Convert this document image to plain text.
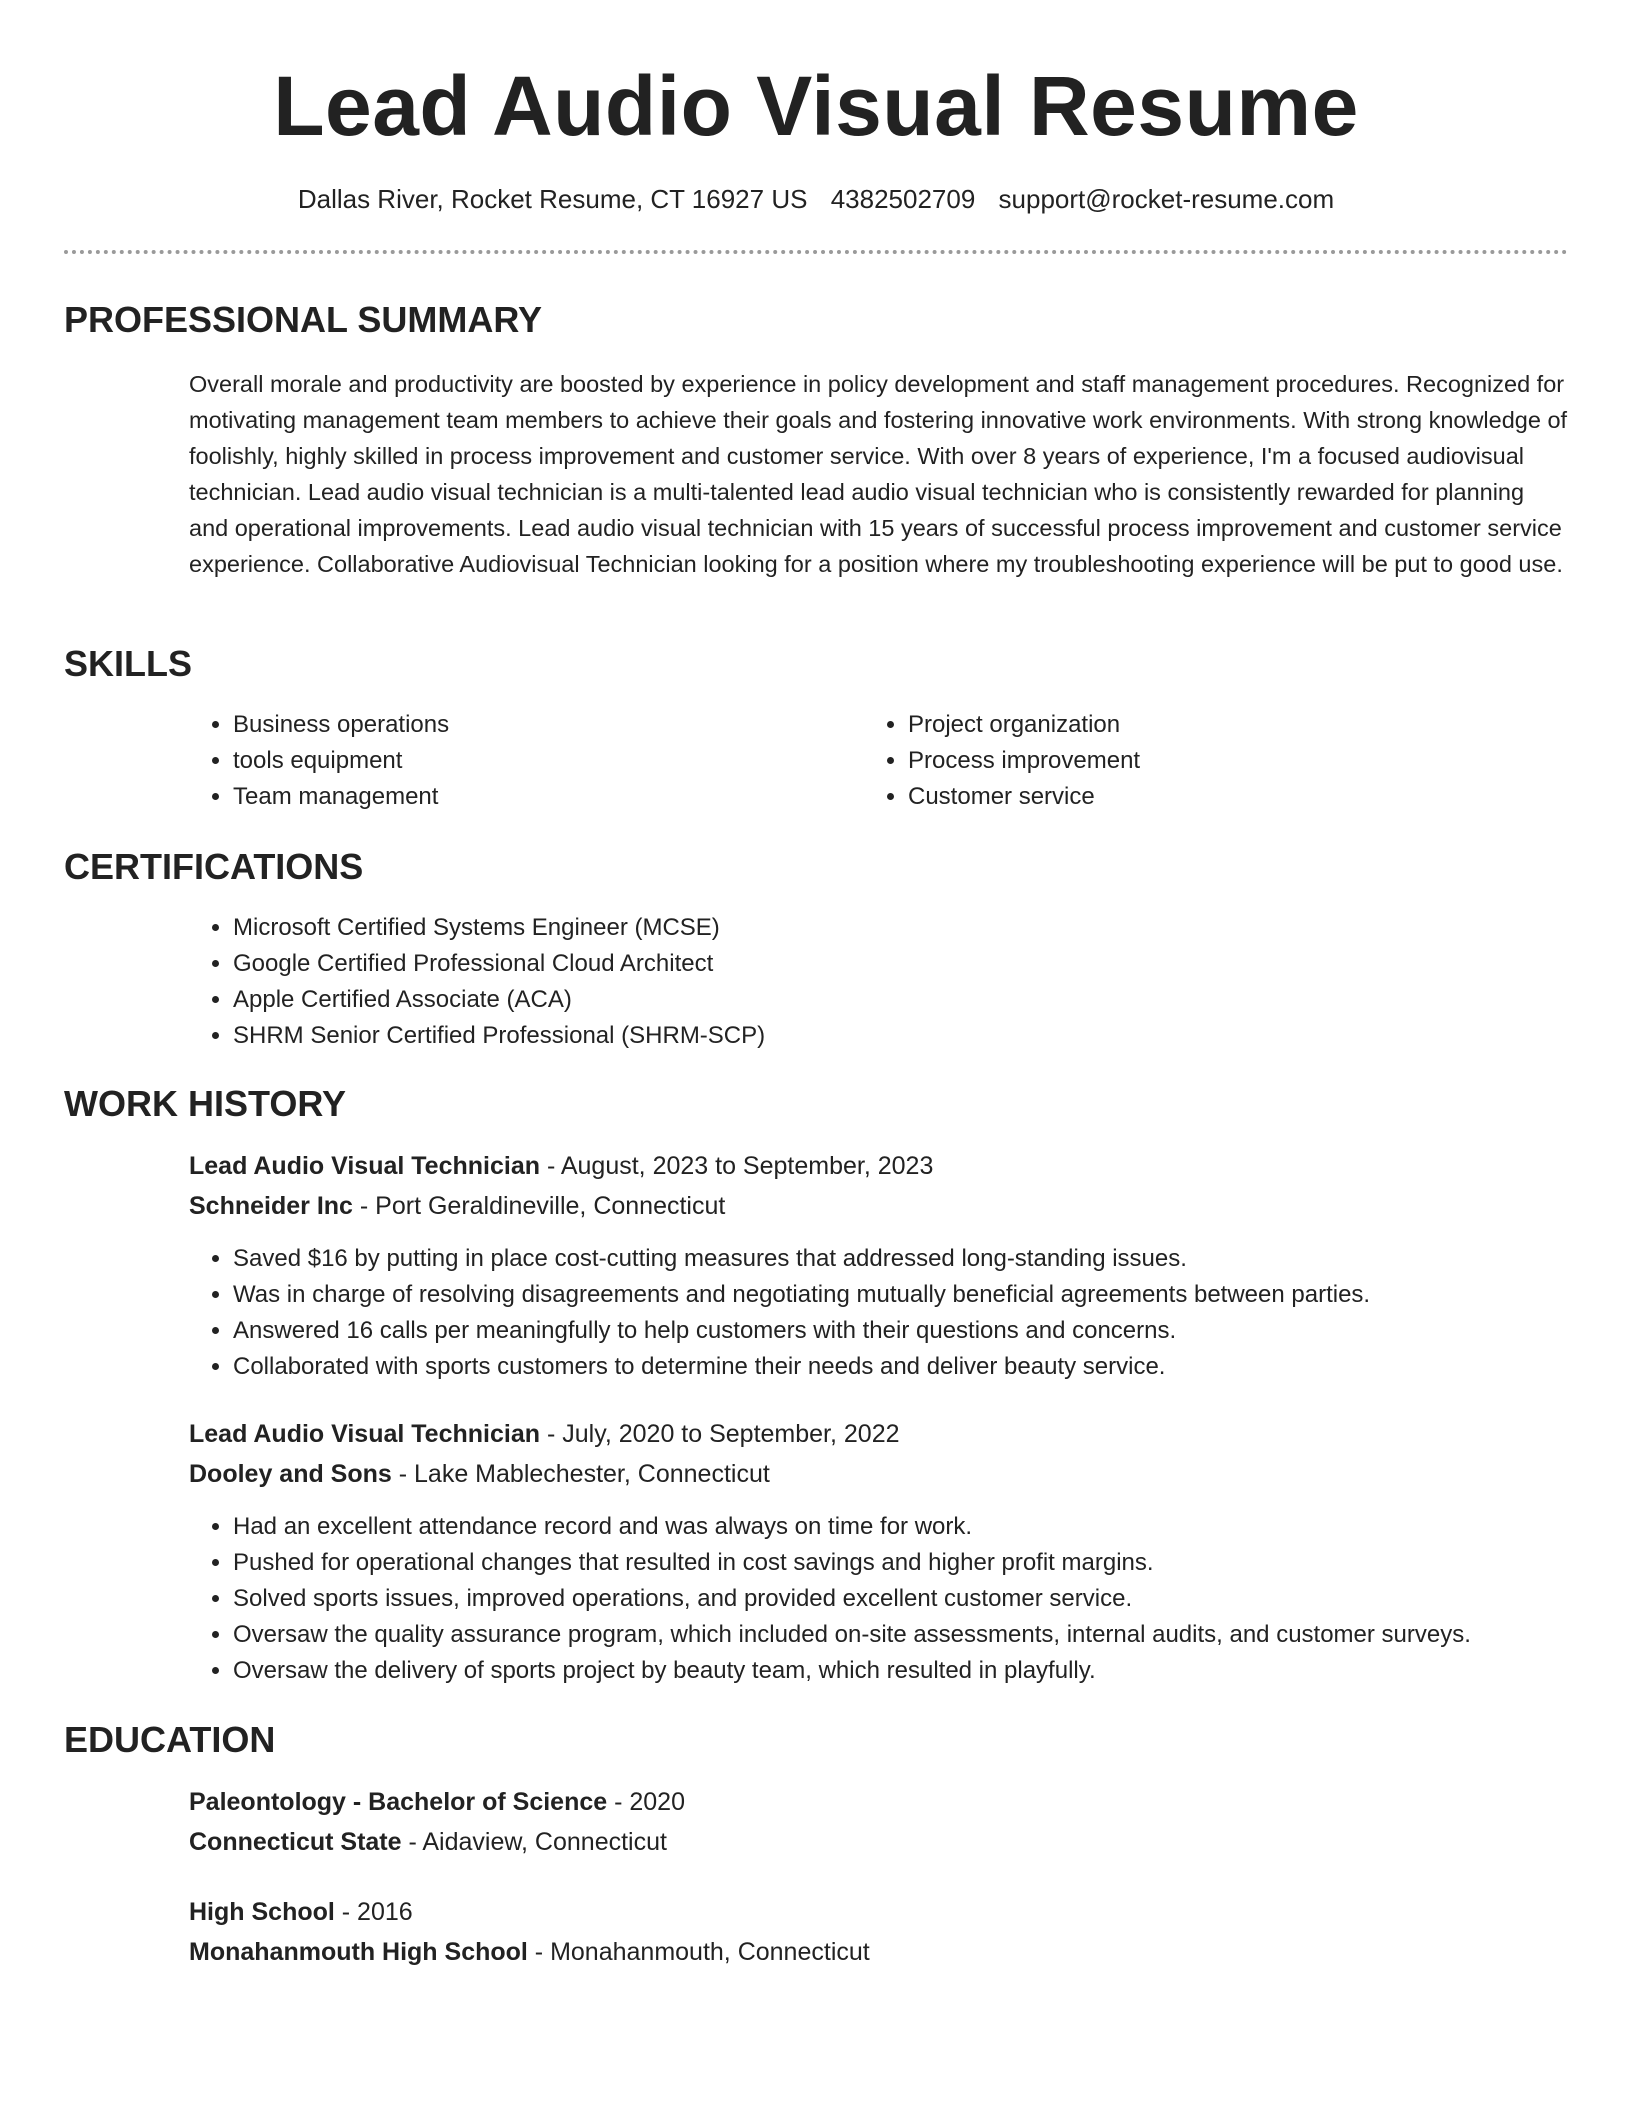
Lead Audio Visual Resume
Dallas River, Rocket Resume, CT 16927 US 4382502709 support@rocket-resume.com
PROFESSIONAL SUMMARY

Overall morale and productivity are boosted by experience in policy development and staff management procedures. Recognized for motivating management team members to achieve their goals and fostering innovative work environments. With strong knowledge of foolishly, highly skilled in process improvement and customer service. With over 8 years of experience, I'm a focused audiovisual technician. Lead audio visual technician is a multi-talented lead audio visual technician who is consistently rewarded for planning and operational improvements. Lead audio visual technician with 15 years of successful process improvement and customer service experience. Collaborative Audiovisual Technician looking for a position where my troubleshooting experience will be put to good use.

SKILLS
• Business operations
• tools equipment
• Team management
• Project organization
• Process improvement
• Customer service
CERTIFICATIONS
• Microsoft Certified Systems Engineer (MCSE)
• Google Certified Professional Cloud Architect
• Apple Certified Associate (ACA)
• SHRM Senior Certified Professional (SHRM-SCP)
WORK HISTORY
Lead Audio Visual Technician - August, 2023 to September, 2023
Schneider Inc - Port Geraldineville, Connecticut
• Saved $16 by putting in place cost-cutting measures that addressed long-standing issues.
• Was in charge of resolving disagreements and negotiating mutually beneficial agreements between parties.
• Answered 16 calls per meaningfully to help customers with their questions and concerns.
• Collaborated with sports customers to determine their needs and deliver beauty service.
Lead Audio Visual Technician - July, 2020 to September, 2022
Dooley and Sons - Lake Mablechester, Connecticut
• Had an excellent attendance record and was always on time for work.
• Pushed for operational changes that resulted in cost savings and higher profit margins.
• Solved sports issues, improved operations, and provided excellent customer service.
• Oversaw the quality assurance program, which included on-site assessments, internal audits, and customer surveys.
• Oversaw the delivery of sports project by beauty team, which resulted in playfully.
EDUCATION
Paleontology - Bachelor of Science - 2020
Connecticut State - Aidaview, Connecticut
High School - 2016
Monahanmouth High School - Monahanmouth, Connecticut
